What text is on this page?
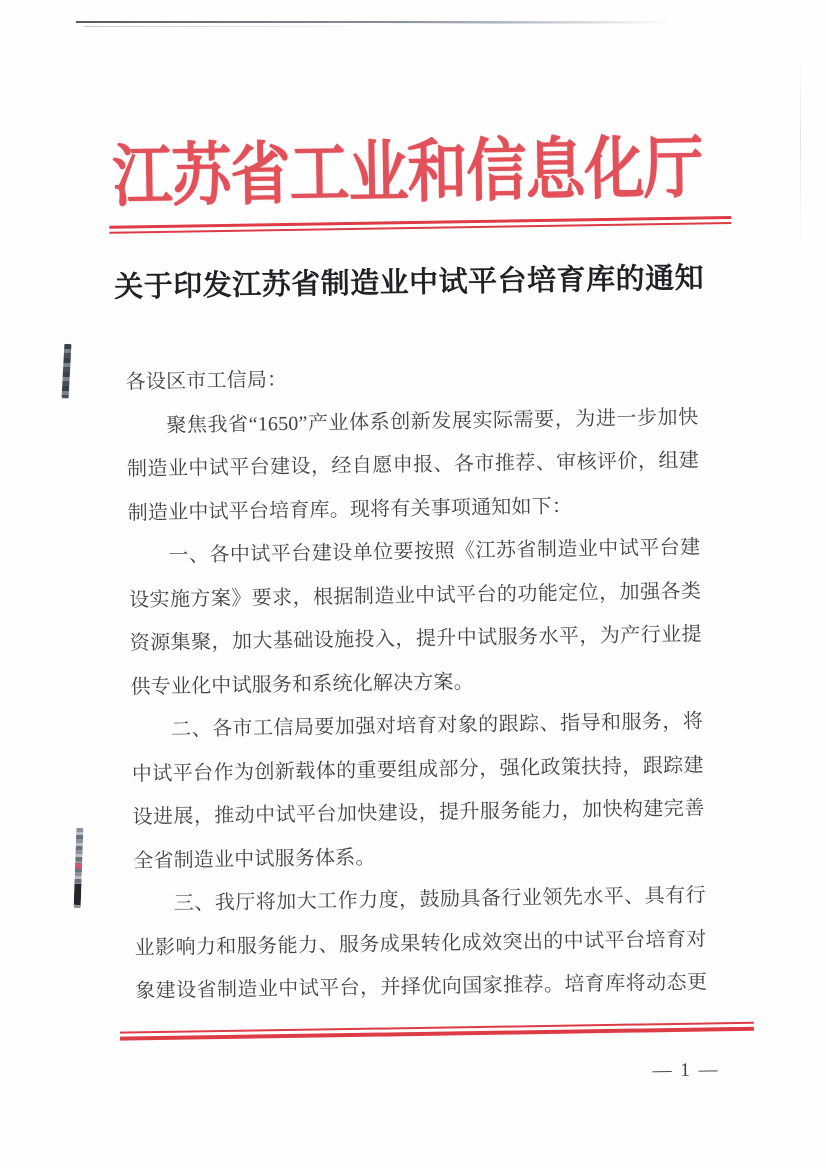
江苏省工业和信息化厅
关于印发江苏省制造业中试平台培育库的通知
各设区市工信局：
聚焦我省“1650”产业体系创新发展实际需要，为进一步加快
制造业中试平台建设，经自愿申报、各市推荐、审核评价，组建
制造业中试平台培育库。现将有关事项通知如下：
一、各中试平台建设单位要按照《江苏省制造业中试平台建
设实施方案》要求，根据制造业中试平台的功能定位，加强各类
资源集聚，加大基础设施投入，提升中试服务水平，为产行业提
供专业化中试服务和系统化解决方案。
二、各市工信局要加强对培育对象的跟踪、指导和服务，将
中试平台作为创新载体的重要组成部分，强化政策扶持，跟踪建
设进展，推动中试平台加快建设，提升服务能力，加快构建完善
全省制造业中试服务体系。
三、我厅将加大工作力度，鼓励具备行业领先水平、具有行
业影响力和服务能力、服务成果转化成效突出的中试平台培育对
象建设省制造业中试平台，并择优向国家推荐。培育库将动态更
— 1 —
